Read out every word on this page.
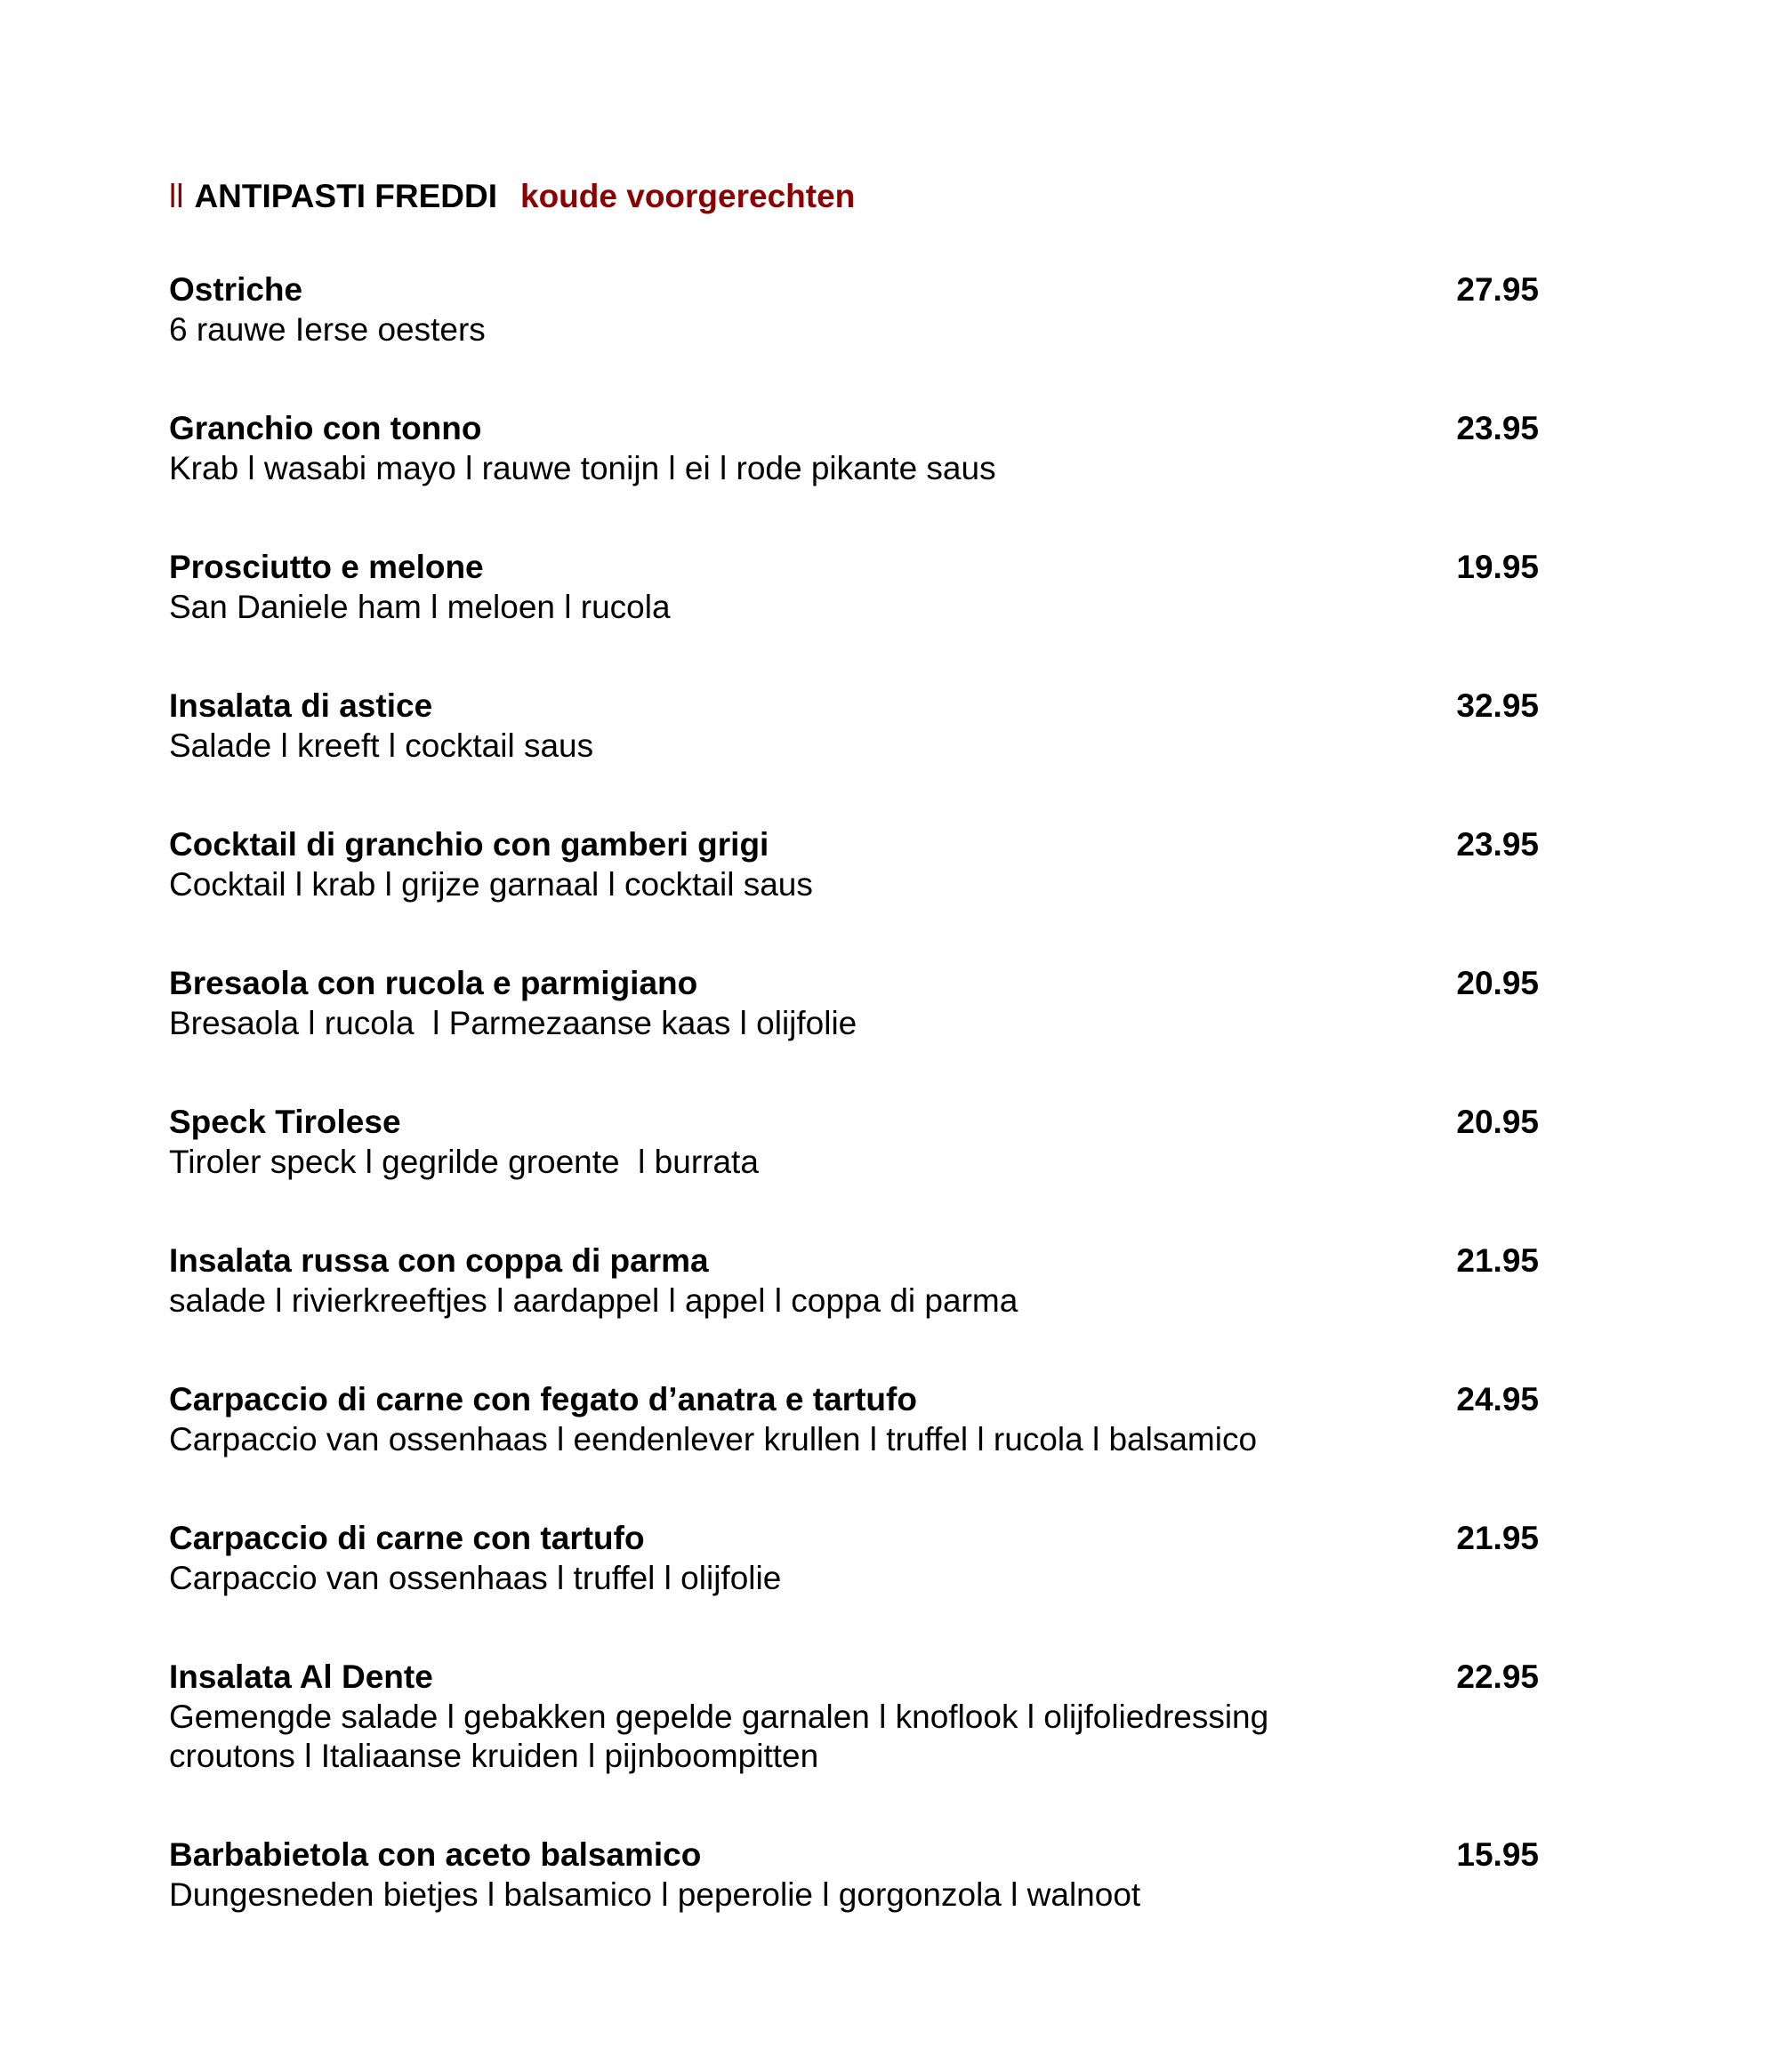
ll ANTIPASTI FREDDI koude voorgerechten
Ostriche	27.95
6 rauwe Ierse oesters
Granchio con tonno	23.95
Krab l wasabi mayo l rauwe tonijn l ei l rode pikante saus
Prosciutto e melone	19.95
San Daniele ham l meloen l rucola
Insalata di astice	32.95
Salade l kreeft l cocktail saus
Cocktail di granchio con gamberi grigi	23.95
Cocktail l krab l grijze garnaal l cocktail saus
Bresaola con rucola e parmigiano	20.95
Bresaola l rucola  l Parmezaanse kaas l olijfolie
Speck Tirolese	20.95
Tiroler speck l gegrilde groente  l burrata
Insalata russa con coppa di parma	21.95
salade l rivierkreeftjes l aardappel l appel l coppa di parma
Carpaccio di carne con fegato d’anatra e tartufo	24.95
Carpaccio van ossenhaas l eendenlever krullen l truffel l rucola l balsamico
Carpaccio di carne con tartufo	21.95
Carpaccio van ossenhaas l truffel l olijfolie
Insalata Al Dente	22.95
Gemengde salade l gebakken gepelde garnalen l knoflook l olijfoliedressing
croutons l Italiaanse kruiden l pijnboompitten
Barbabietola con aceto balsamico	15.95
Dungesneden bietjes l balsamico l peperolie l gorgonzola l walnoot
